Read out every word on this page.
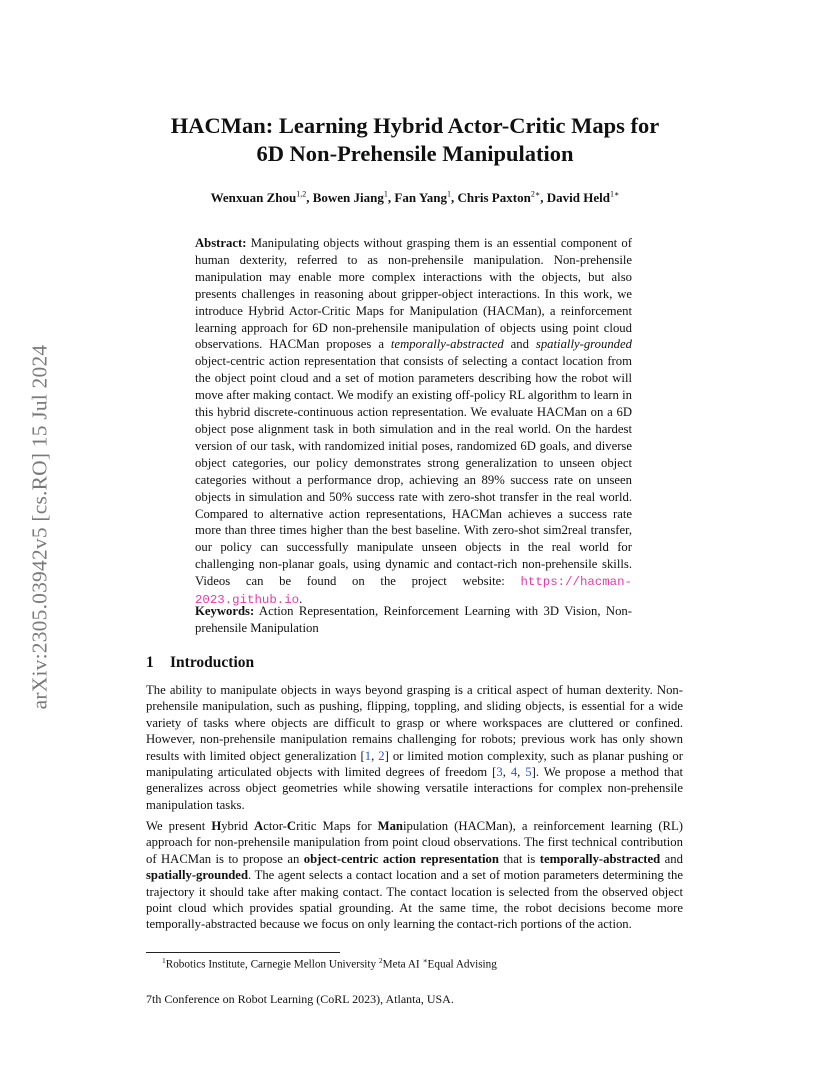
arXiv:2305.03942v5 [cs.RO] 15 Jul 2024
HACMan: Learning Hybrid Actor-Critic Maps for
6D Non-Prehensile Manipulation
Wenxuan Zhou$^{1,2}$, Bowen Jiang$^1$, Fan Yang$^1$, Chris Paxton$^{2∗}$, David Held$^{1∗}$
Abstract: Manipulating objects without grasping them is an essential component of human dexterity, referred to as non-prehensile manipulation. Non-prehensile manipulation may enable more complex interactions with the objects, but also presents challenges in reasoning about gripper-object interactions. In this work, we introduce Hybrid Actor-Critic Maps for Manipulation (HACMan), a reinforcement learning approach for 6D non-prehensile manipulation of objects using point cloud observations. HACMan proposes a temporally-abstracted and spatially-grounded object-centric action representation that consists of selecting a contact location from the object point cloud and a set of motion parameters describing how the robot will move after making contact. We modify an existing off-policy RL algorithm to learn in this hybrid discrete-continuous action representation. We evaluate HACMan on a 6D object pose alignment task in both simulation and in the real world. On the hardest version of our task, with randomized initial poses, randomized 6D goals, and diverse object categories, our policy demonstrates strong generalization to unseen object categories without a performance drop, achieving an 89% success rate on unseen objects in simulation and 50% success rate with zero-shot transfer in the real world. Compared to alternative action representations, HACMan achieves a success rate more than three times higher than the best baseline. With zero-shot sim2real transfer, our policy can successfully manipulate unseen objects in the real world for challenging non-planar goals, using dynamic and contact-rich non-prehensile skills. Videos can be found on the project website: https://hacman-2023.github.io.
Keywords: Action Representation, Reinforcement Learning with 3D Vision, Non-prehensile Manipulation
1 Introduction

The ability to manipulate objects in ways beyond grasping is a critical aspect of human dexterity. Non-prehensile manipulation, such as pushing, flipping, toppling, and sliding objects, is essential for a wide variety of tasks where objects are difficult to grasp or where workspaces are cluttered or confined. However, non-prehensile manipulation remains challenging for robots; previous work has only shown results with limited object generalization [1, 2] or limited motion complexity, such as planar pushing or manipulating articulated objects with limited degrees of freedom [3, 4, 5]. We propose a method that generalizes across object geometries while showing versatile interactions for complex non-prehensile manipulation tasks.

We present Hybrid Actor-Critic Maps for Manipulation (HACMan), a reinforcement learning (RL) approach for non-prehensile manipulation from point cloud observations. The first technical contribution of HACMan is to propose an object-centric action representation that is temporally-abstracted and spatially-grounded. The agent selects a contact location and a set of motion parameters determining the trajectory it should take after making contact. The contact location is selected from the observed object point cloud which provides spatial grounding. At the same time, the robot decisions become more temporally-abstracted because we focus on only learning the contact-rich portions of the action.

$^1$Robotics Institute, Carnegie Mellon University $^2$Meta AI ∗Equal Advising
7th Conference on Robot Learning (CoRL 2023), Atlanta, USA.
